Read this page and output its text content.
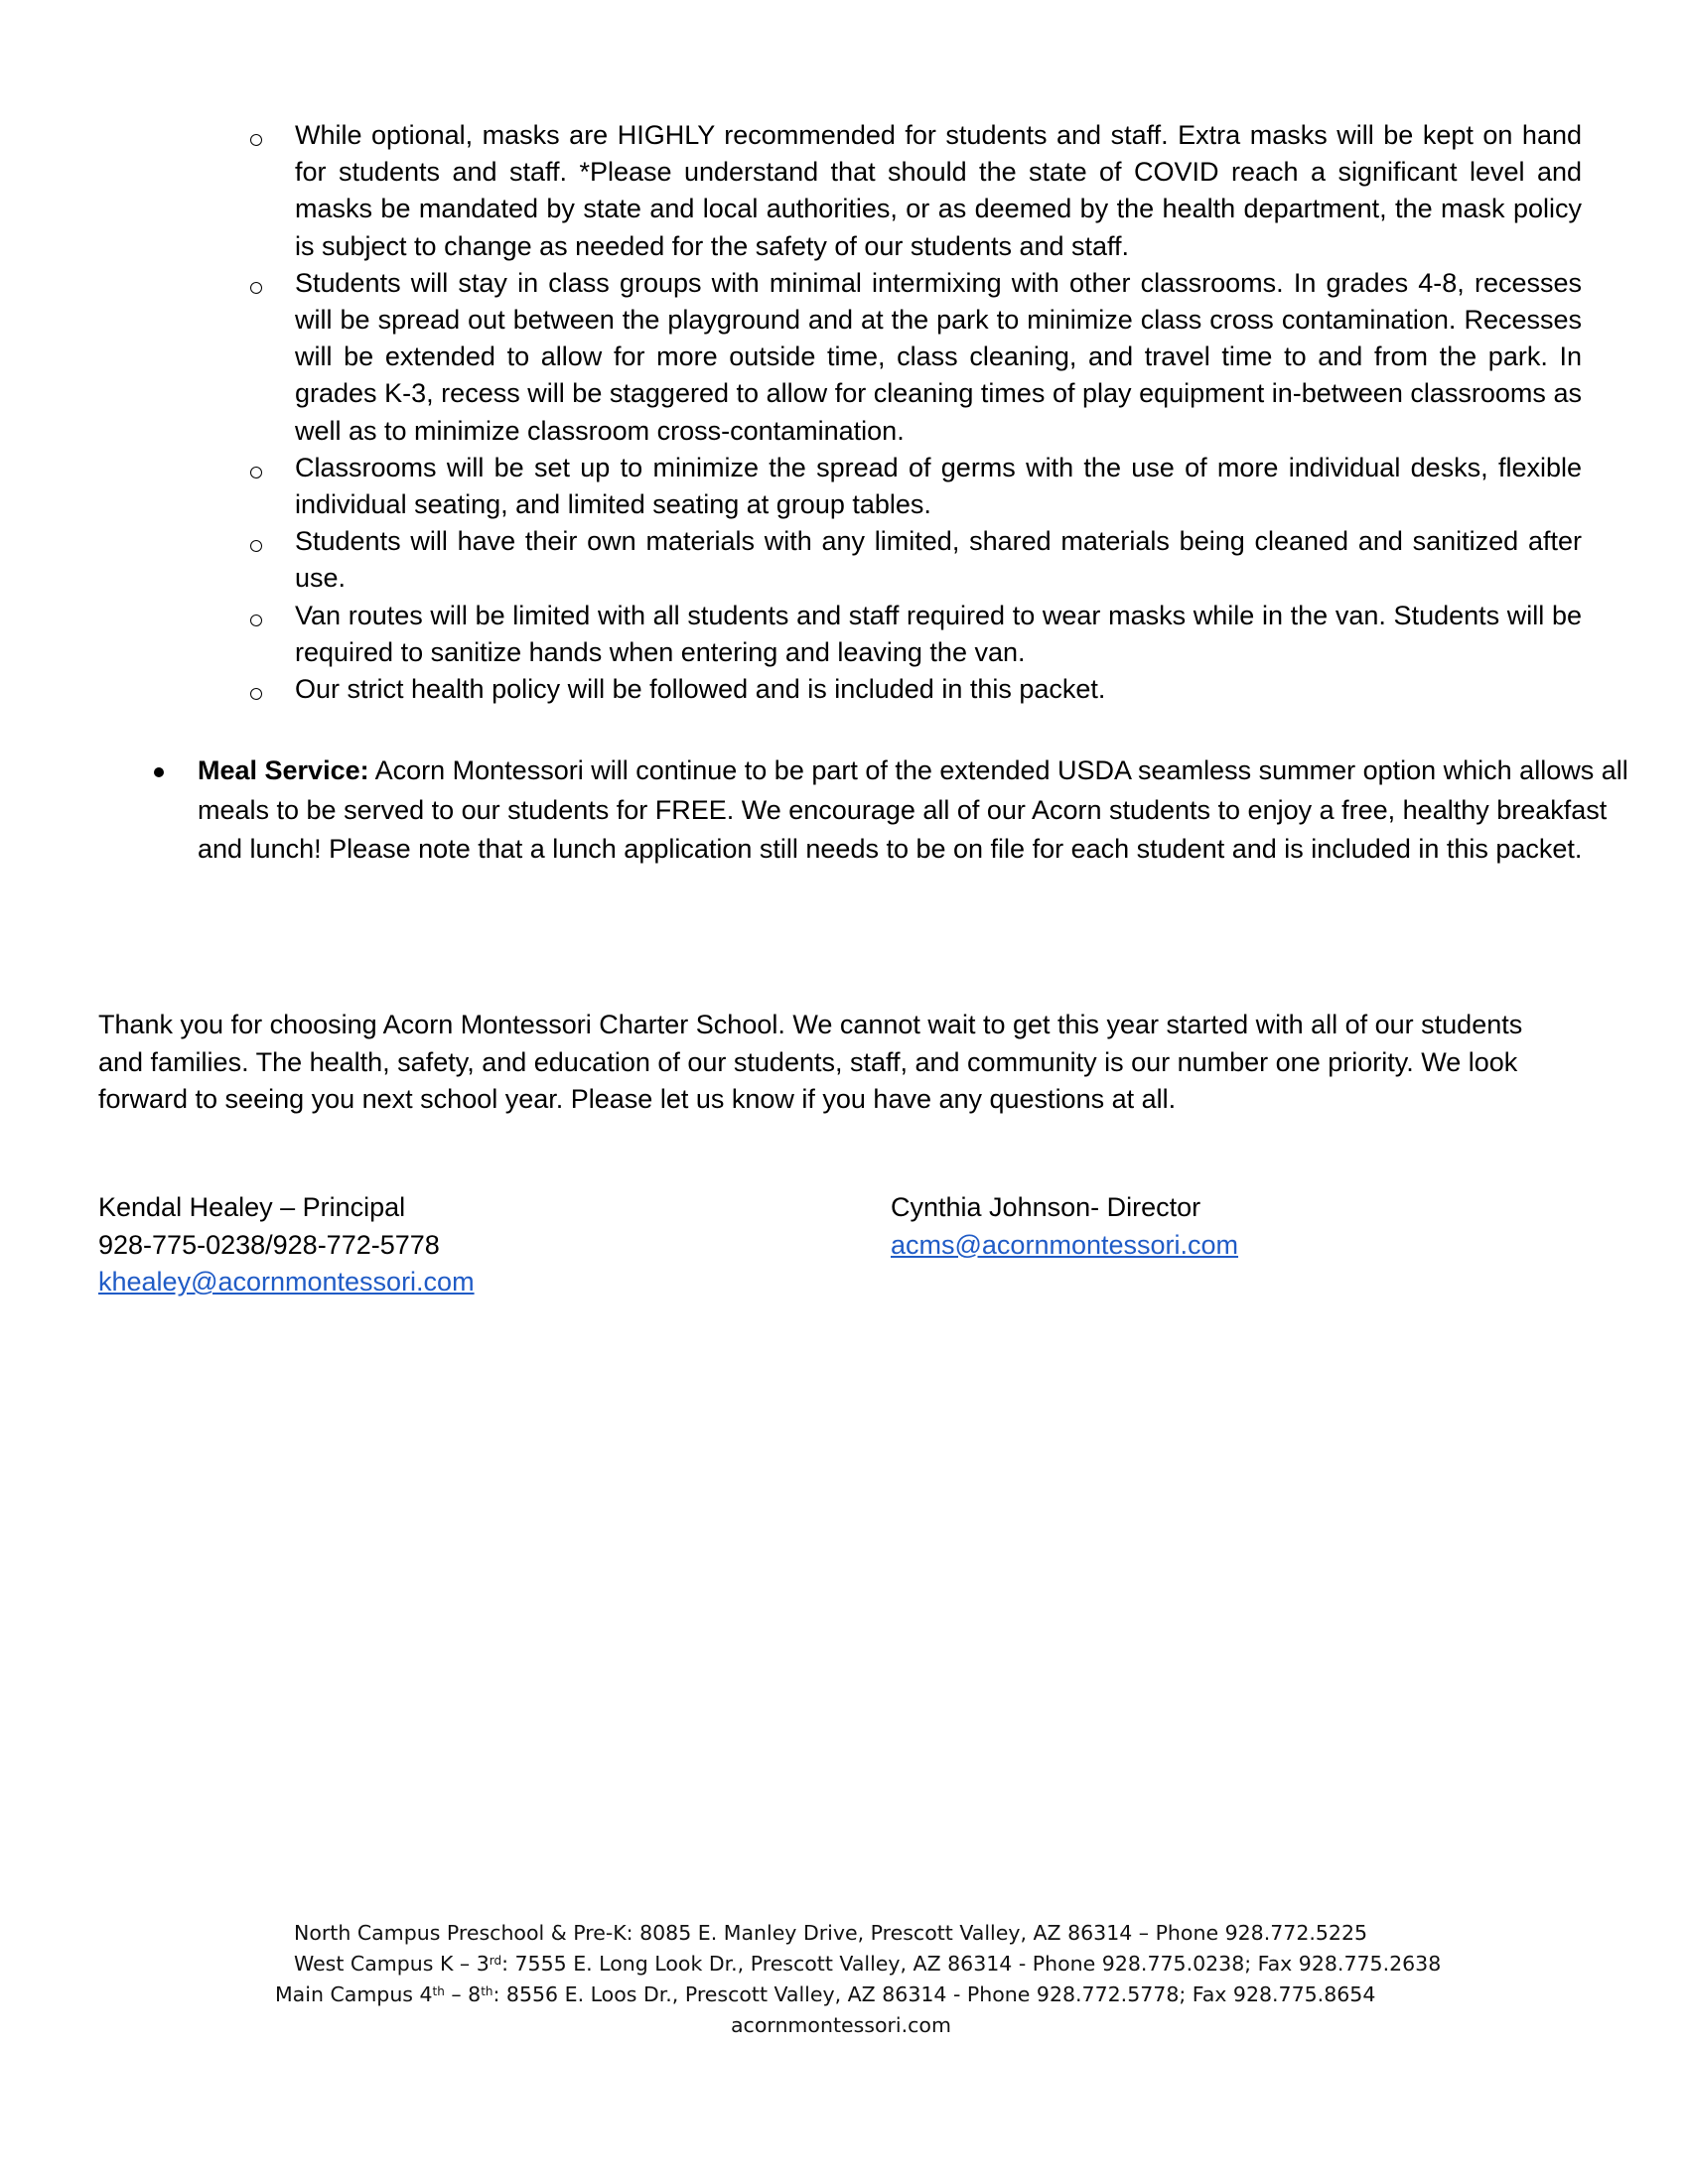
While optional, masks are HIGHLY recommended for students and staff. Extra masks will be kept on hand for students and staff. *Please understand that should the state of COVID reach a significant level and masks be mandated by state and local authorities, or as deemed by the health department, the mask policy is subject to change as needed for the safety of our students and staff.
Students will stay in class groups with minimal intermixing with other classrooms. In grades 4-8, recesses will be spread out between the playground and at the park to minimize class cross contamination. Recesses will be extended to allow for more outside time, class cleaning, and travel time to and from the park. In grades K-3, recess will be staggered to allow for cleaning times of play equipment in-between classrooms as well as to minimize classroom cross-contamination.
Classrooms will be set up to minimize the spread of germs with the use of more individual desks, flexible individual seating, and limited seating at group tables.
Students will have their own materials with any limited, shared materials being cleaned and sanitized after use.
Van routes will be limited with all students and staff required to wear masks while in the van. Students will be required to sanitize hands when entering and leaving the van.
Our strict health policy will be followed and is included in this packet.
Meal Service: Acorn Montessori will continue to be part of the extended USDA seamless summer option which allows all meals to be served to our students for FREE. We encourage all of our Acorn students to enjoy a free, healthy breakfast and lunch! Please note that a lunch application still needs to be on file for each student and is included in this packet.

Thank you for choosing Acorn Montessori Charter School. We cannot wait to get this year started with all of our students and families. The health, safety, and education of our students, staff, and community is our number one priority. We look forward to seeing you next school year. Please let us know if you have any questions at all.

Kendal Healey – Principal
928-775-0238/928-772-5778
khealey@acornmontessori.com
Cynthia Johnson- Director
acms@acornmontessori.com
North Campus Preschool & Pre-K: 8085 E. Manley Drive, Prescott Valley, AZ 86314 – Phone 928.772.5225
West Campus K – 3rd: 7555 E. Long Look Dr., Prescott Valley, AZ 86314 - Phone 928.775.0238; Fax 928.775.2638
Main Campus 4th – 8th: 8556 E. Loos Dr., Prescott Valley, AZ 86314 - Phone 928.772.5778; Fax 928.775.8654
acornmontessori.com
